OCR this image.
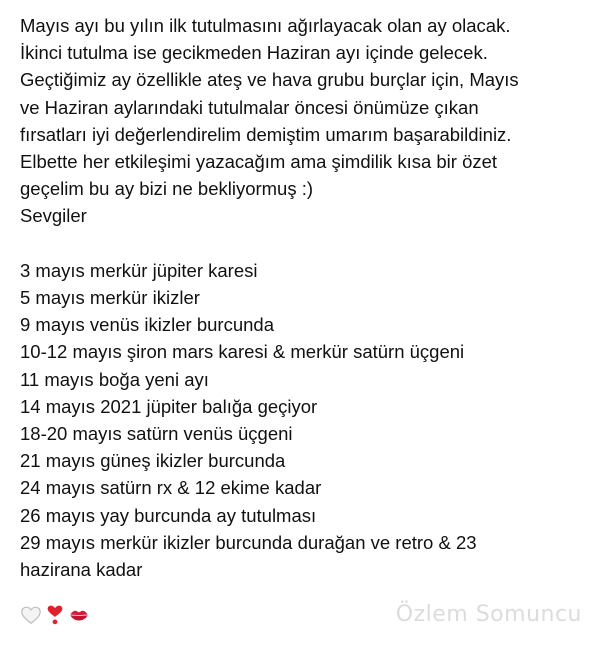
Mayıs ayı bu yılın ilk tutulmasını ağırlayacak olan ay olacak.
İkinci tutulma ise gecikmeden Haziran ayı içinde gelecek.
Geçtiğimiz ay özellikle ateş ve hava grubu burçlar için, Mayıs
ve Haziran aylarındaki tutulmalar öncesi önümüze çıkan
fırsatları iyi değerlendirelim demiştim umarım başarabildiniz.
Elbette her etkileşimi yazacağım ama şimdilik kısa bir özet
geçelim bu ay bizi ne bekliyormuş :)
Sevgiler
3 mayıs merkür jüpiter karesi
5 mayıs merkür ikizler
9 mayıs venüs ikizler burcunda
10-12 mayıs şiron mars karesi & merkür satürn üçgeni
11 mayıs boğa yeni ayı
14 mayıs 2021 jüpiter balığa geçiyor
18-20 mayıs satürn venüs üçgeni
21 mayıs güneş ikizler burcunda
24 mayıs satürn rx & 12 ekime kadar
26 mayıs yay burcunda ay tutulması
29 mayıs merkür ikizler burcunda durağan ve retro & 23
hazirana kadar
Özlem Somuncu
